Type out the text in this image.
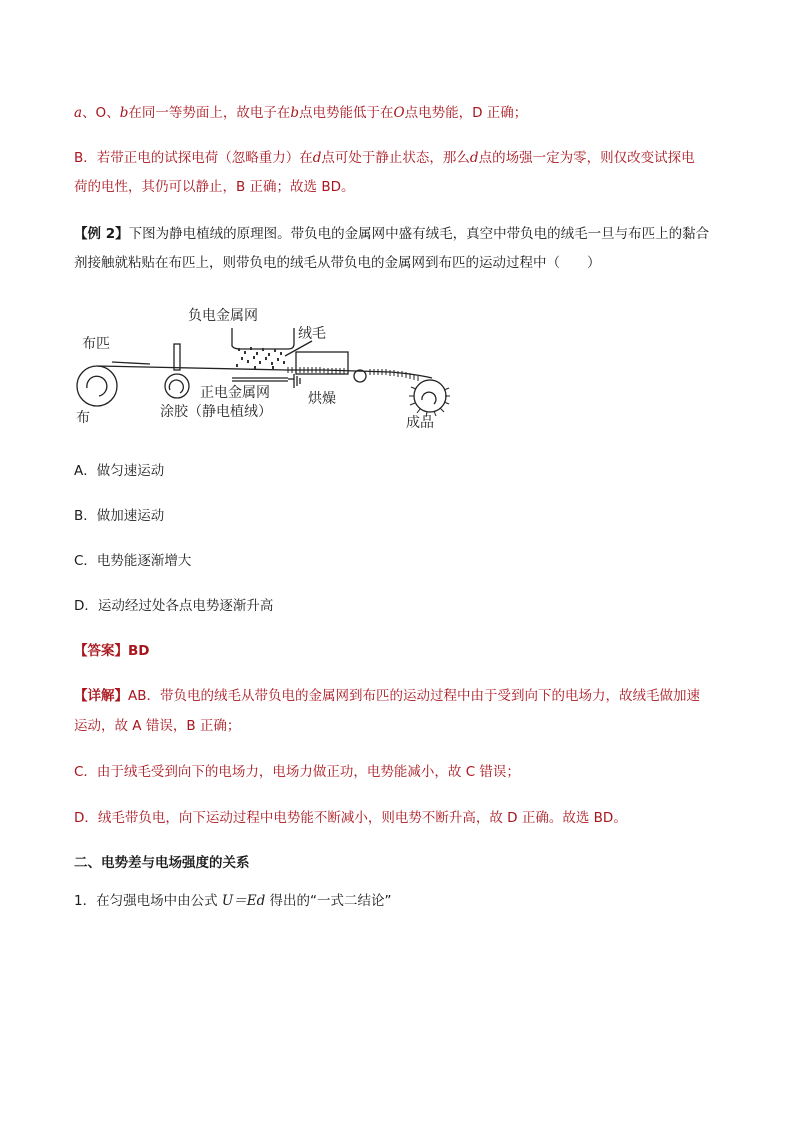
a、O、b在同一等势面上，故电子在b点电势能低于在O点电势能，D 正确；
B．若带正电的试探电荷（忽略重力）在d点可处于静止状态，那么d点的场强一定为零，则仅改变试探电
荷的电性，其仍可以静止，B 正确；故选 BD。
【例 2】下图为静电植绒的原理图。带负电的金属网中盛有绒毛，真空中带负电的绒毛一旦与布匹上的黏合
剂接触就粘贴在布匹上，则带负电的绒毛从带负电的金属网到布匹的运动过程中（　　）
负电金属网
绒毛
布匹
正电金属网	烘燥
布	涂胶（静电植绒）
成品
A．做匀速运动
B．做加速运动
C．电势能逐渐增大
D．运动经过处各点电势逐渐升高
【答案】BD
【详解】AB．带负电的绒毛从带负电的金属网到布匹的运动过程中由于受到向下的电场力，故绒毛做加速
运动，故 A 错误，B 正确；
C．由于绒毛受到向下的电场力，电场力做正功，电势能减小，故 C 错误；
D．绒毛带负电，向下运动过程中电势能不断减小，则电势不断升高，故 D 正确。故选 BD。
二、电势差与电场强度的关系
1．在匀强电场中由公式 U＝Ed 得出的“一式二结论”
